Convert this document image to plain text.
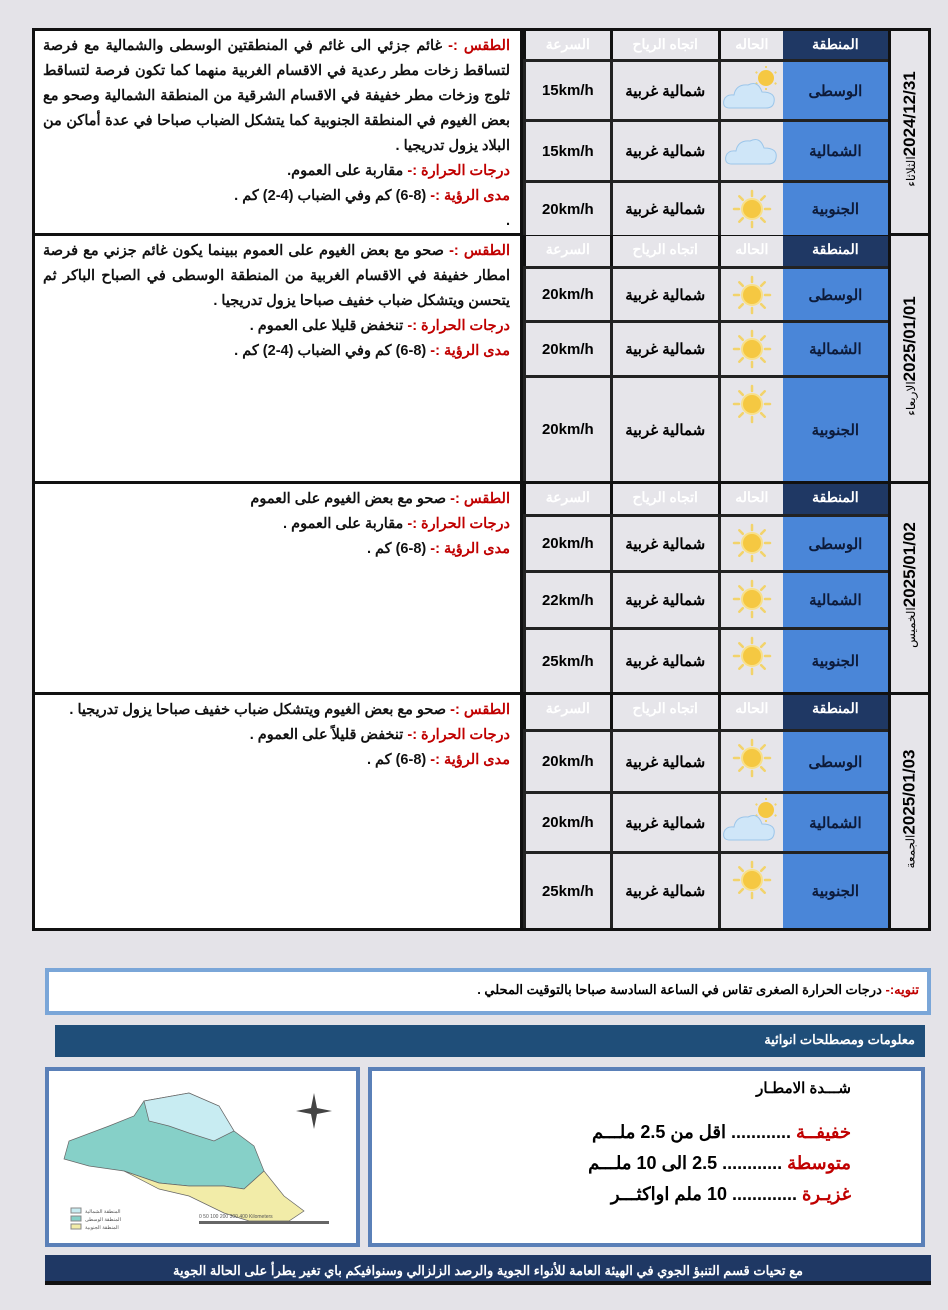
الطقس :- غائم جزئي الى غائم في المنطقتين الوسطى والشمالية مع فرصة لتساقط زخات مطر رعدية في الاقسام الغربية منهما كما تكون فرصة لتساقط ثلوج وزخات مطر خفيفة في الاقسام الشرقية من المنطقة الشمالية وصحو مع بعض الغيوم في المنطقة الجنوبية كما يتشكل الضباب صباحا في عدة أماكن من البلاد يزول تدريجيا .

درجات الحرارة :- مقاربة على العموم.

مدى الرؤية :- (8-6) كم وفي الضباب (4-2) كم .

.

المنطقة
الحاله
اتجاه الرياح
السرعة
الوسطى
شمالية غربية
15km/h
الشمالية
شمالية غربية
15km/h
الجنوبية
شمالية غربية
20km/h
2024/12/31الثلاثاء

الطقس :- صحو مع بعض الغيوم على العموم ببينما يكون غائم جزني مع فرصة امطار خفيفة في الاقسام الغربية من المنطقة الوسطى في الصباح الباكر ثم يتحسن ويتشكل ضباب خفيف صباحا يزول تدريجيا .

درجات الحرارة :- تنخفض قليلا على العموم .

مدى الرؤية :- (8-6) كم وفي الضباب (4-2) كم .

المنطقة
الحاله
اتجاه الرياح
السرعة
الوسطى
شمالية غربية
20km/h
الشمالية
شمالية غربية
20km/h
الجنوبية
شمالية غربية
20km/h
2025/01/01الاربعاء

الطقس :- صحو مع بعض الغيوم على العموم

درجات الحرارة :- مقاربة على العموم .

مدى الرؤية :- (8-6) كم .

المنطقة
الحاله
اتجاه الرياح
السرعة
الوسطى
شمالية غربية
20km/h
الشمالية
شمالية غربية
22km/h
الجنوبية
شمالية غربية
25km/h
2025/01/02الخميس

الطقس :- صحو مع بعض الغيوم ويتشكل ضباب خفيف صباحا يزول تدريجيا .

درجات الحرارة :- تنخفض قليلاً على العموم .

مدى الرؤية :- (8-6) كم .

المنطقة
الحاله
اتجاه الرياح
السرعة
الوسطى
شمالية غربية
20km/h
الشمالية
شمالية غربية
20km/h
الجنوبية
شمالية غربية
25km/h
2025/01/03الجمعة
تنويه:- درجات الحرارة الصغرى تقاس في الساعة السادسة صباحا بالتوقيت المحلي .
معلومات ومصطلحات انوائية
المنطقة الشمالية
المنطقة الوسطى
المنطقة الجنوبية
0 50 100 200 300 400 Kilometers
شـــدة الامطـار
خفيفــة ............ اقل من 2.5 ملـــم
متوسطة ............ 2.5 الى 10 ملـــم
غزيـرة ............. 10 ملم اواكثـــر
مع تحيات قسم التنبؤ الجوي في الهيئة العامة للأنواء الجوية والرصد الزلزالي وسنوافيكم باي تغير يطرأ على الحالة الجوية
